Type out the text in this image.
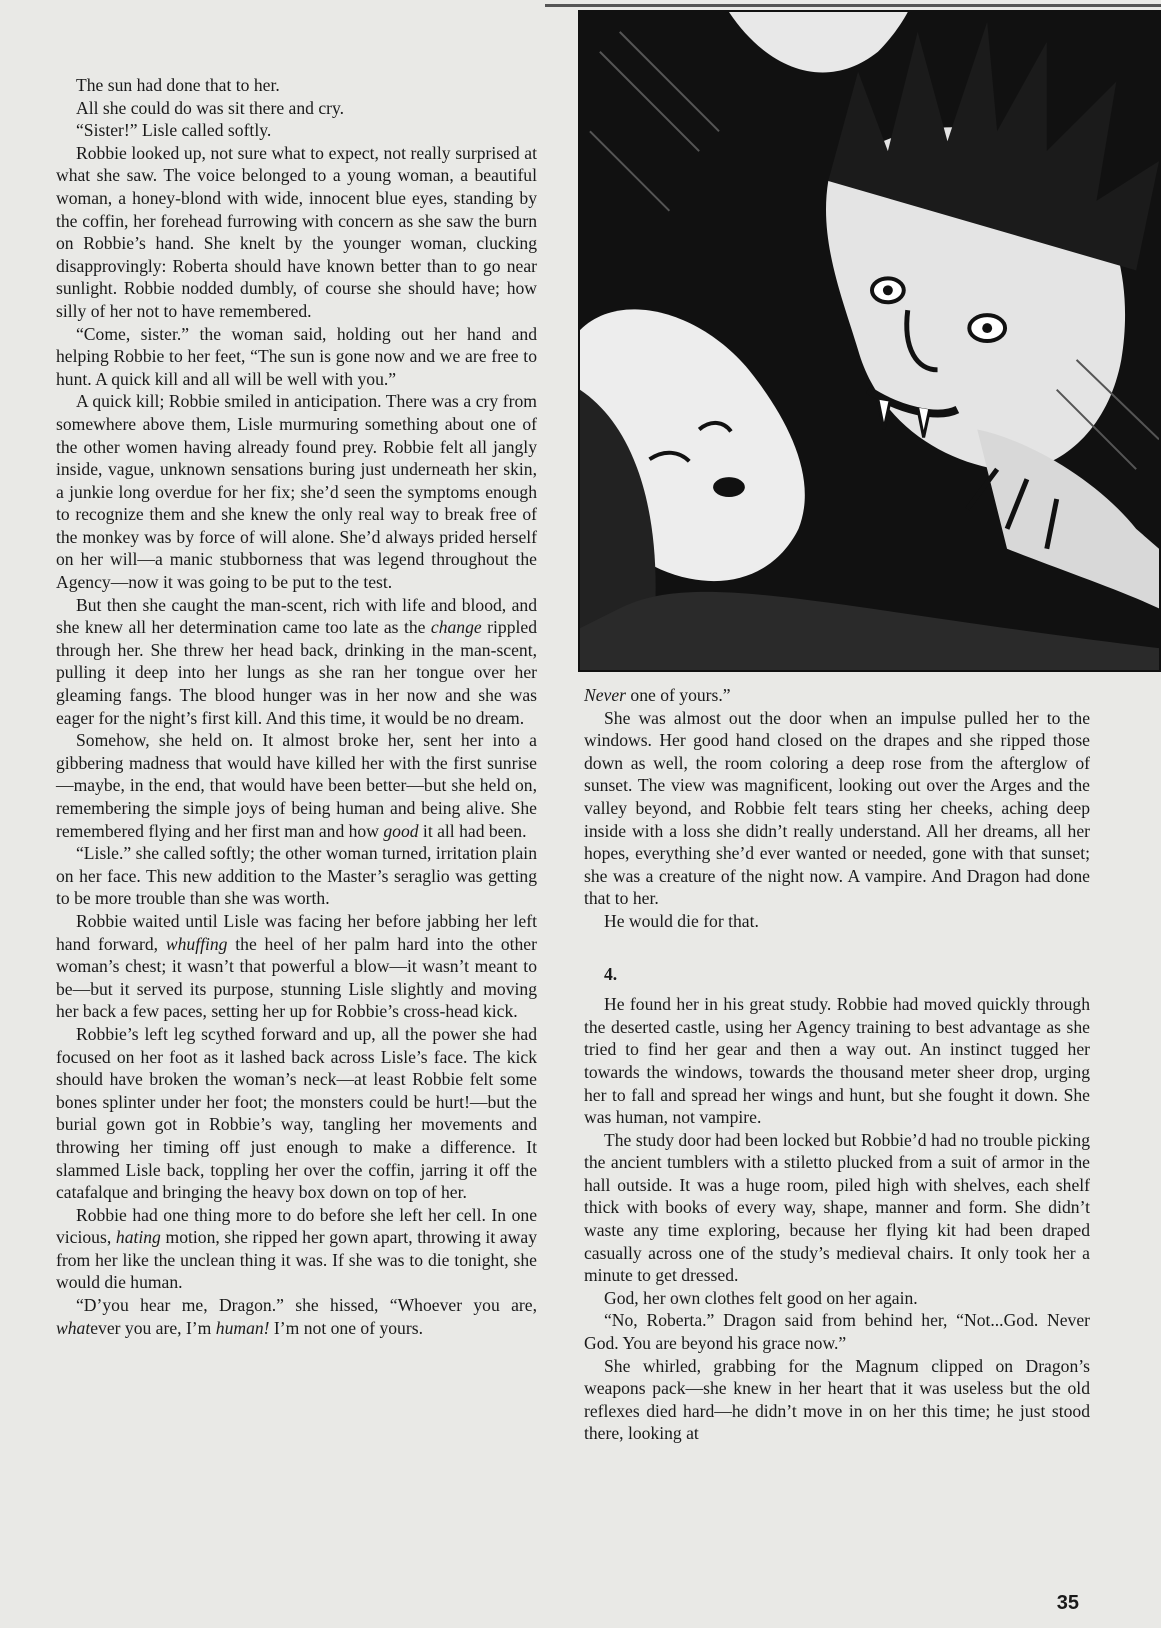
The sun had done that to her.

All she could do was sit there and cry.

“Sister!” Lisle called softly.

Robbie looked up, not sure what to expect, not really surprised at what she saw. The voice belonged to a young woman, a beautiful woman, a honey-blond with wide, innocent blue eyes, standing by the coffin, her forehead furrowing with concern as she saw the burn on Robbie’s hand. She knelt by the younger woman, clucking disapprovingly: Roberta should have known better than to go near sunlight. Robbie nodded dumbly, of course she should have; how silly of her not to have remembered.

“Come, sister.” the woman said, holding out her hand and helping Robbie to her feet, “The sun is gone now and we are free to hunt. A quick kill and all will be well with you.”

A quick kill; Robbie smiled in anticipation. There was a cry from somewhere above them, Lisle murmuring something about one of the other women having already found prey. Robbie felt all jangly inside, vague, unknown sensations buring just underneath her skin, a junkie long overdue for her fix; she’d seen the symptoms enough to recognize them and she knew the only real way to break free of the monkey was by force of will alone. She’d always prided herself on her will—a manic stubborness that was legend throughout the Agency—now it was going to be put to the test.

But then she caught the man-scent, rich with life and blood, and she knew all her determination came too late as the change rippled through her. She threw her head back, drinking in the man-scent, pulling it deep into her lungs as she ran her tongue over her gleaming fangs. The blood hunger was in her now and she was eager for the night’s first kill. And this time, it would be no dream.

Somehow, she held on. It almost broke her, sent her into a gibbering madness that would have killed her with the first sunrise—maybe, in the end, that would have been better—but she held on, remembering the simple joys of being human and being alive. She remembered flying and her first man and how good it all had been.

“Lisle.” she called softly; the other woman turned, irritation plain on her face. This new addition to the Master’s seraglio was getting to be more trouble than she was worth.

Robbie waited until Lisle was facing her before jabbing her left hand forward, whuffing the heel of her palm hard into the other woman’s chest; it wasn’t that powerful a blow—it wasn’t meant to be—but it served its purpose, stunning Lisle slightly and moving her back a few paces, setting her up for Robbie’s cross-head kick.

Robbie’s left leg scythed forward and up, all the power she had focused on her foot as it lashed back across Lisle’s face. The kick should have broken the woman’s neck—at least Robbie felt some bones splinter under her foot; the monsters could be hurt!—but the burial gown got in Robbie’s way, tangling her movements and throwing her timing off just enough to make a difference. It slammed Lisle back, toppling her over the coffin, jarring it off the catafalque and bringing the heavy box down on top of her.

Robbie had one thing more to do before she left her cell. In one vicious, hating motion, she ripped her gown apart, throwing it away from her like the unclean thing it was. If she was to die tonight, she would die human.

“D’you hear me, Dragon.” she hissed, “Whoever you are, whatever you are, I’m human! I’m not one of yours.

Never one of yours.”

She was almost out the door when an impulse pulled her to the windows. Her good hand closed on the drapes and she ripped those down as well, the room coloring a deep rose from the afterglow of sunset. The view was magnificent, looking out over the Arges and the valley beyond, and Robbie felt tears sting her cheeks, aching deep inside with a loss she didn’t really understand. All her dreams, all her hopes, everything she’d ever wanted or needed, gone with that sunset; she was a creature of the night now. A vampire. And Dragon had done that to her.

He would die for that.

4.

He found her in his great study. Robbie had moved quickly through the deserted castle, using her Agency training to best advantage as she tried to find her gear and then a way out. An instinct tugged her towards the windows, towards the thousand meter sheer drop, urging her to fall and spread her wings and hunt, but she fought it down. She was human, not vampire.

The study door had been locked but Robbie’d had no trouble picking the ancient tumblers with a stiletto plucked from a suit of armor in the hall outside. It was a huge room, piled high with shelves, each shelf thick with books of every way, shape, manner and form. She didn’t waste any time exploring, because her flying kit had been draped casually across one of the study’s medieval chairs. It only took her a minute to get dressed.

God, her own clothes felt good on her again.

“No, Roberta.” Dragon said from behind her, “Not...God. Never God. You are beyond his grace now.”

She whirled, grabbing for the Magnum clipped on Dragon’s weapons pack—she knew in her heart that it was useless but the old reflexes died hard—he didn’t move in on her this time; he just stood there, looking at

35
